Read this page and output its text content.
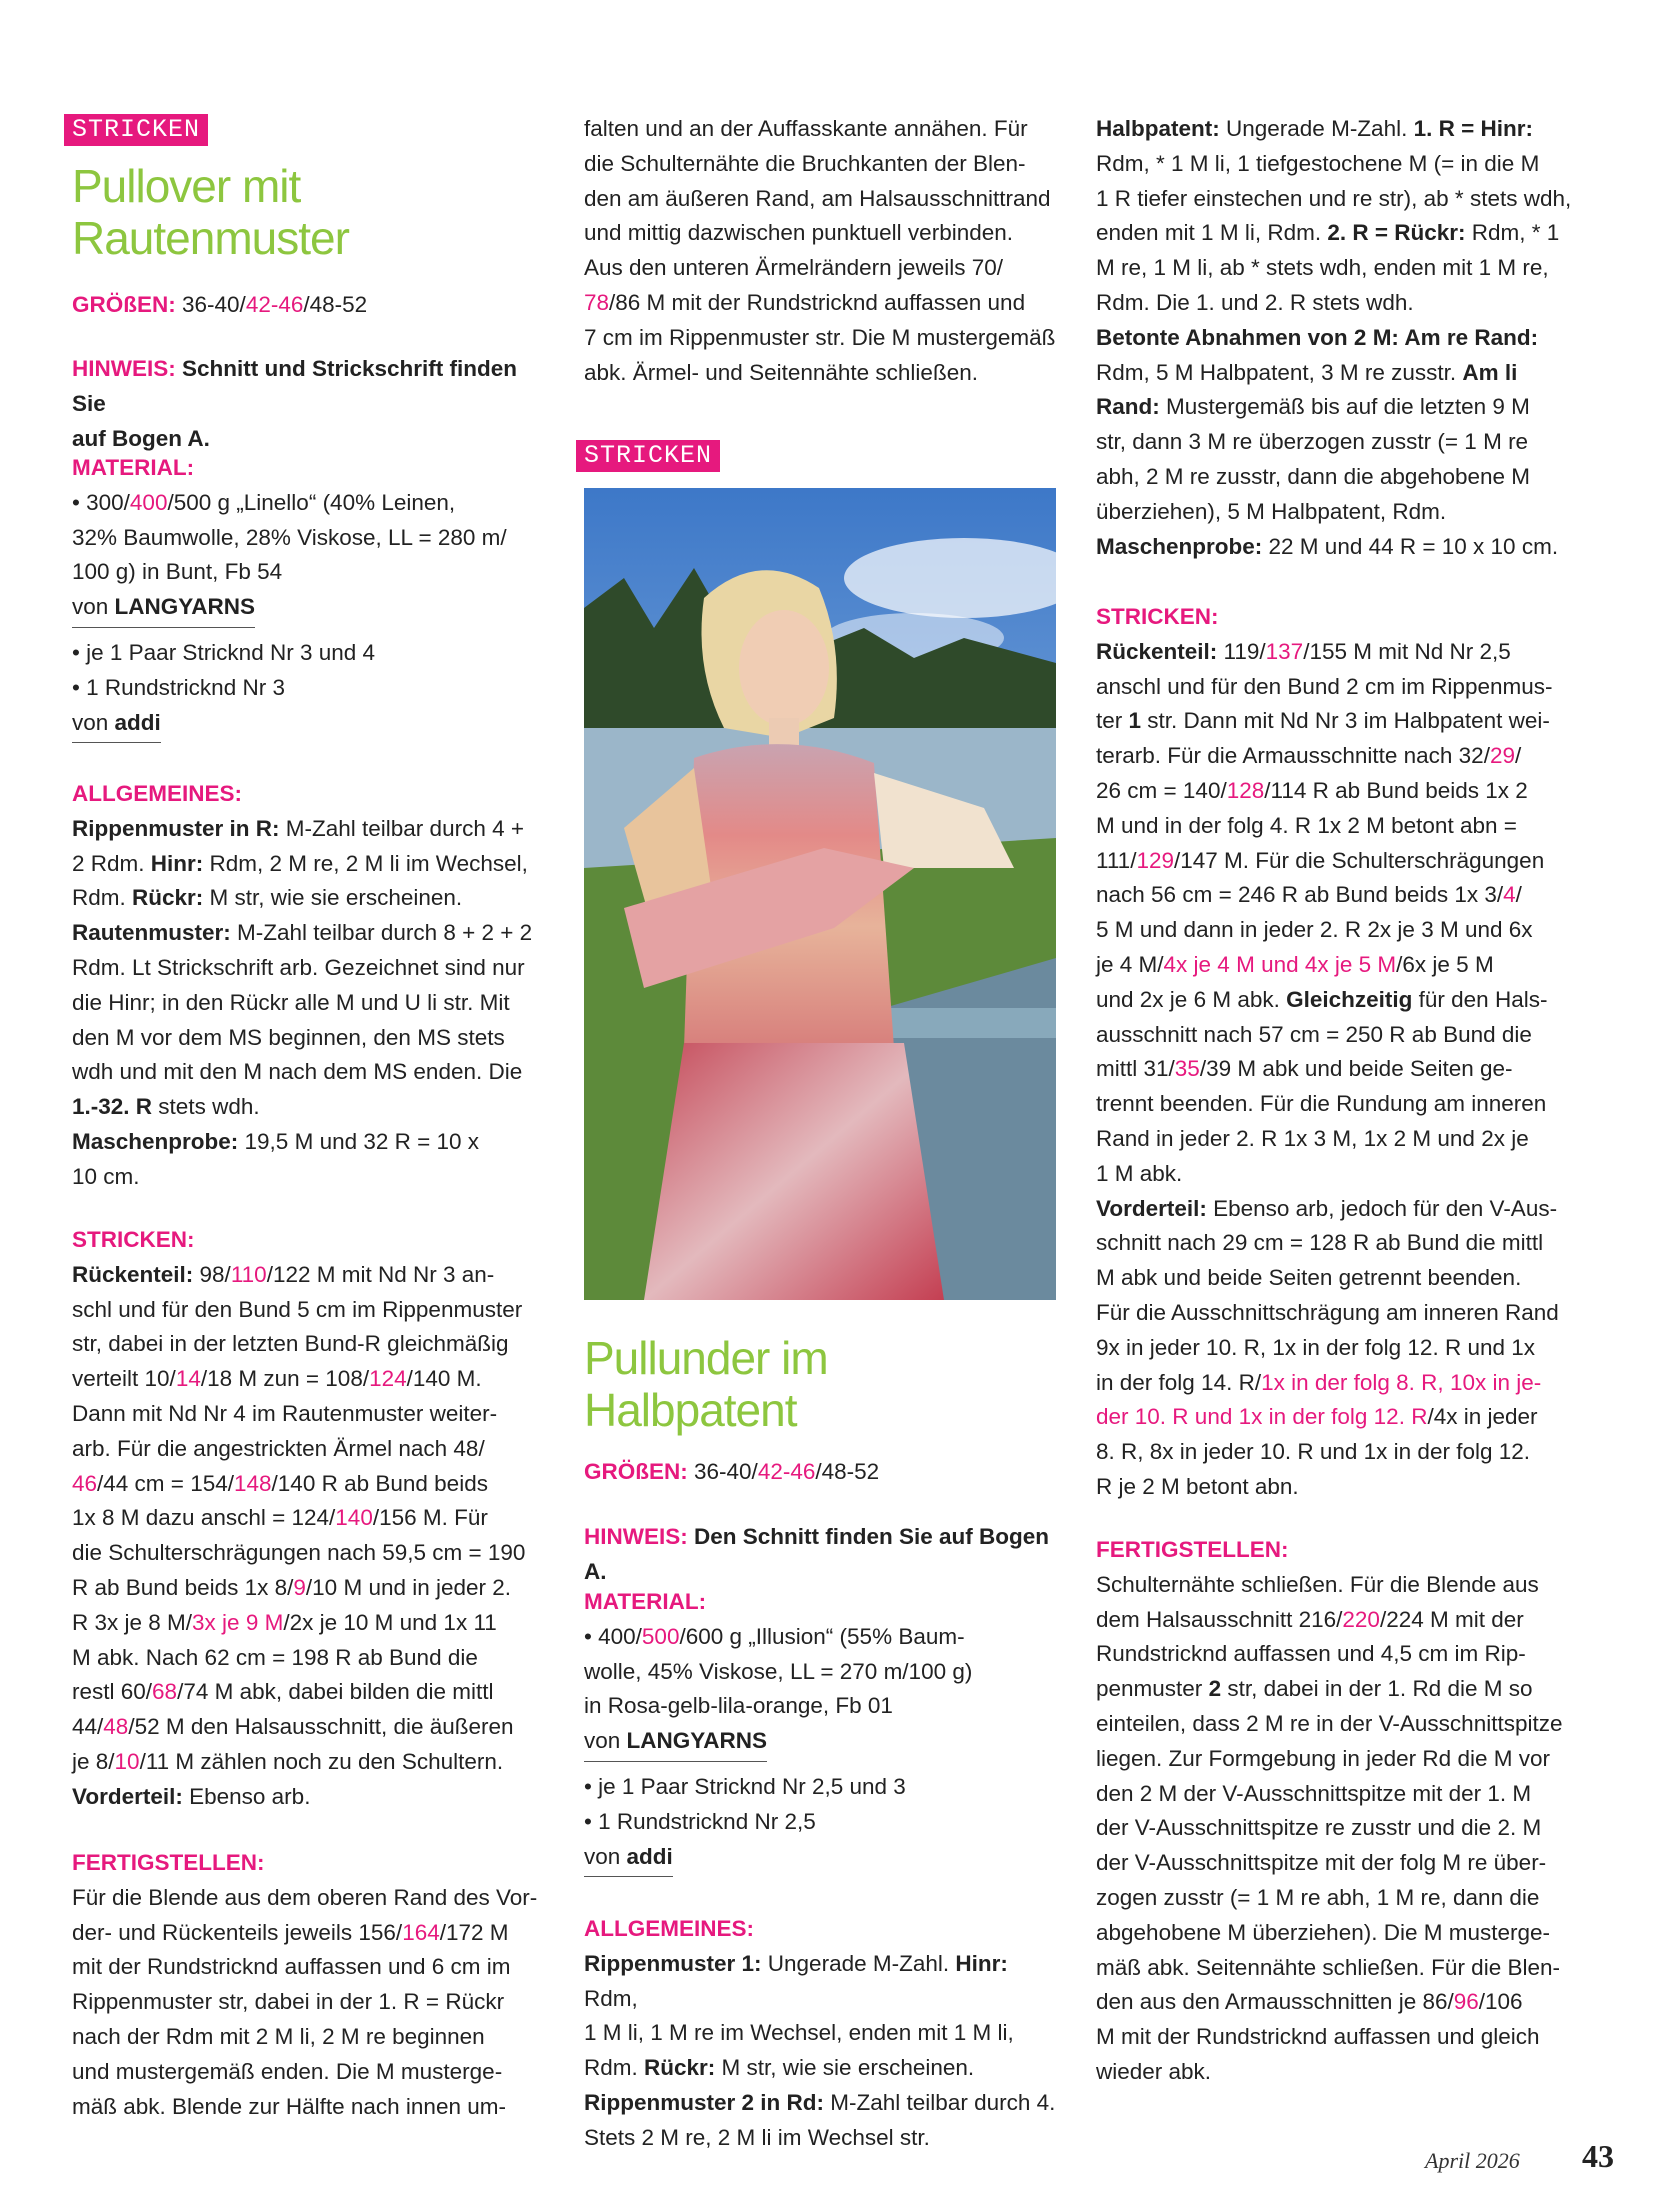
STRICKEN
Pullover mit
Rautenmuster
GRÖßEN: 36-40/42-46/48-52
HINWEIS: Schnitt und Strickschrift finden Sie
auf Bogen A.
MATERIAL:
• 300/400/500 g „Linello“ (40% Leinen,
32% Baumwolle, 28% Viskose, LL = 280 m/
100 g) in Bunt, Fb 54
von LANGYARNS
• je 1 Paar Stricknd Nr 3 und 4
• 1 Rundstricknd Nr 3
von addi
ALLGEMEINES:
Rippenmuster in R: M-Zahl teilbar durch 4 +
2 Rdm. Hinr: Rdm, 2 M re, 2 M li im Wechsel,
Rdm. Rückr: M str, wie sie erscheinen.
Rautenmuster: M-Zahl teilbar durch 8 + 2 + 2
Rdm. Lt Strickschrift arb. Gezeichnet sind nur
die Hinr; in den Rückr alle M und U li str. Mit
den M vor dem MS beginnen, den MS stets
wdh und mit den M nach dem MS enden. Die
1.-32. R stets wdh.
Maschenprobe: 19,5 M und 32 R = 10 x
10 cm.
STRICKEN:
Rückenteil: 98/110/122 M mit Nd Nr 3 an-
schl und für den Bund 5 cm im Rippenmuster
str, dabei in der letzten Bund-R gleichmäßig
verteilt 10/14/18 M zun = 108/124/140 M.
Dann mit Nd Nr 4 im Rautenmuster weiter-
arb. Für die angestrickten Ärmel nach 48/
46/44 cm = 154/148/140 R ab Bund beids
1x 8 M dazu anschl = 124/140/156 M. Für
die Schulterschrägungen nach 59,5 cm = 190
R ab Bund beids 1x 8/9/10 M und in jeder 2.
R 3x je 8 M/3x je 9 M/2x je 10 M und 1x 11
M abk. Nach 62 cm = 198 R ab Bund die
restl 60/68/74 M abk, dabei bilden die mittl
44/48/52 M den Halsausschnitt, die äußeren
je 8/10/11 M zählen noch zu den Schultern.
Vorderteil: Ebenso arb.
FERTIGSTELLEN:
Für die Blende aus dem oberen Rand des Vor-
der- und Rückenteils jeweils 156/164/172 M
mit der Rundstricknd auffassen und 6 cm im
Rippenmuster str, dabei in der 1. R = Rückr
nach der Rdm mit 2 M li, 2 M re beginnen
und mustergemäß enden. Die M musterge-
mäß abk. Blende zur Hälfte nach innen um-
falten und an der Auffasskante annähen. Für
die Schulternähte die Bruchkanten der Blen-
den am äußeren Rand, am Halsausschnittrand
und mittig dazwischen punktuell verbinden.
Aus den unteren Ärmelrändern jeweils 70/
78/86 M mit der Rundstricknd auffassen und
7 cm im Rippenmuster str. Die M mustergemäß
abk. Ärmel- und Seitennähte schließen.
STRICKEN
Pullunder im
Halbpatent
GRÖßEN: 36-40/42-46/48-52
HINWEIS: Den Schnitt finden Sie auf Bogen A.
MATERIAL:
• 400/500/600 g „Illusion“ (55% Baum-
wolle, 45% Viskose, LL = 270 m/100 g)
in Rosa-gelb-lila-orange, Fb 01
von LANGYARNS
• je 1 Paar Stricknd Nr 2,5 und 3
• 1 Rundstricknd Nr 2,5
von addi
ALLGEMEINES:
Rippenmuster 1: Ungerade M-Zahl. Hinr: Rdm,
1 M li, 1 M re im Wechsel, enden mit 1 M li,
Rdm. Rückr: M str, wie sie erscheinen.
Rippenmuster 2 in Rd: M-Zahl teilbar durch 4.
Stets 2 M re, 2 M li im Wechsel str.
Halbpatent: Ungerade M-Zahl. 1. R = Hinr:
Rdm, * 1 M li, 1 tiefgestochene M (= in die M
1 R tiefer einstechen und re str), ab * stets wdh,
enden mit 1 M li, Rdm. 2. R = Rückr: Rdm, * 1
M re, 1 M li, ab * stets wdh, enden mit 1 M re,
Rdm. Die 1. und 2. R stets wdh.
Betonte Abnahmen von 2 M: Am re Rand:
Rdm, 5 M Halbpatent, 3 M re zusstr. Am li
Rand: Mustergemäß bis auf die letzten 9 M
str, dann 3 M re überzogen zusstr (= 1 M re
abh, 2 M re zusstr, dann die abgehobene M
überziehen), 5 M Halbpatent, Rdm.
Maschenprobe: 22 M und 44 R = 10 x 10 cm.
STRICKEN:
Rückenteil: 119/137/155 M mit Nd Nr 2,5
anschl und für den Bund 2 cm im Rippenmus-
ter 1 str. Dann mit Nd Nr 3 im Halbpatent wei-
terarb. Für die Armausschnitte nach 32/29/
26 cm = 140/128/114 R ab Bund beids 1x 2
M und in der folg 4. R 1x 2 M betont abn =
111/129/147 M. Für die Schulterschrägungen
nach 56 cm = 246 R ab Bund beids 1x 3/4/
5 M und dann in jeder 2. R 2x je 3 M und 6x
je 4 M/4x je 4 M und 4x je 5 M/6x je 5 M
und 2x je 6 M abk. Gleichzeitig für den Hals-
ausschnitt nach 57 cm = 250 R ab Bund die
mittl 31/35/39 M abk und beide Seiten ge-
trennt beenden. Für die Rundung am inneren
Rand in jeder 2. R 1x 3 M, 1x 2 M und 2x je
1 M abk.
Vorderteil: Ebenso arb, jedoch für den V-Aus-
schnitt nach 29 cm = 128 R ab Bund die mittl
M abk und beide Seiten getrennt beenden.
Für die Ausschnittschrägung am inneren Rand
9x in jeder 10. R, 1x in der folg 12. R und 1x
in der folg 14. R/1x in der folg 8. R, 10x in je-
der 10. R und 1x in der folg 12. R/4x in jeder
8. R, 8x in jeder 10. R und 1x in der folg 12.
R je 2 M betont abn.
FERTIGSTELLEN:
Schulternähte schließen. Für die Blende aus
dem Halsausschnitt 216/220/224 M mit der
Rundstricknd auffassen und 4,5 cm im Rip-
penmuster 2 str, dabei in der 1. Rd die M so
einteilen, dass 2 M re in der V-Ausschnittspitze
liegen. Zur Formgebung in jeder Rd die M vor
den 2 M der V-Ausschnittspitze mit der 1. M
der V-Ausschnittspitze re zusstr und die 2. M
der V-Ausschnittspitze mit der folg M re über-
zogen zusstr (= 1 M re abh, 1 M re, dann die
abgehobene M überziehen). Die M musterge-
mäß abk. Seitennähte schließen. Für die Blen-
den aus den Armausschnitten je 86/96/106
M mit der Rundstricknd auffassen und gleich
wieder abk.
April 2026 43
